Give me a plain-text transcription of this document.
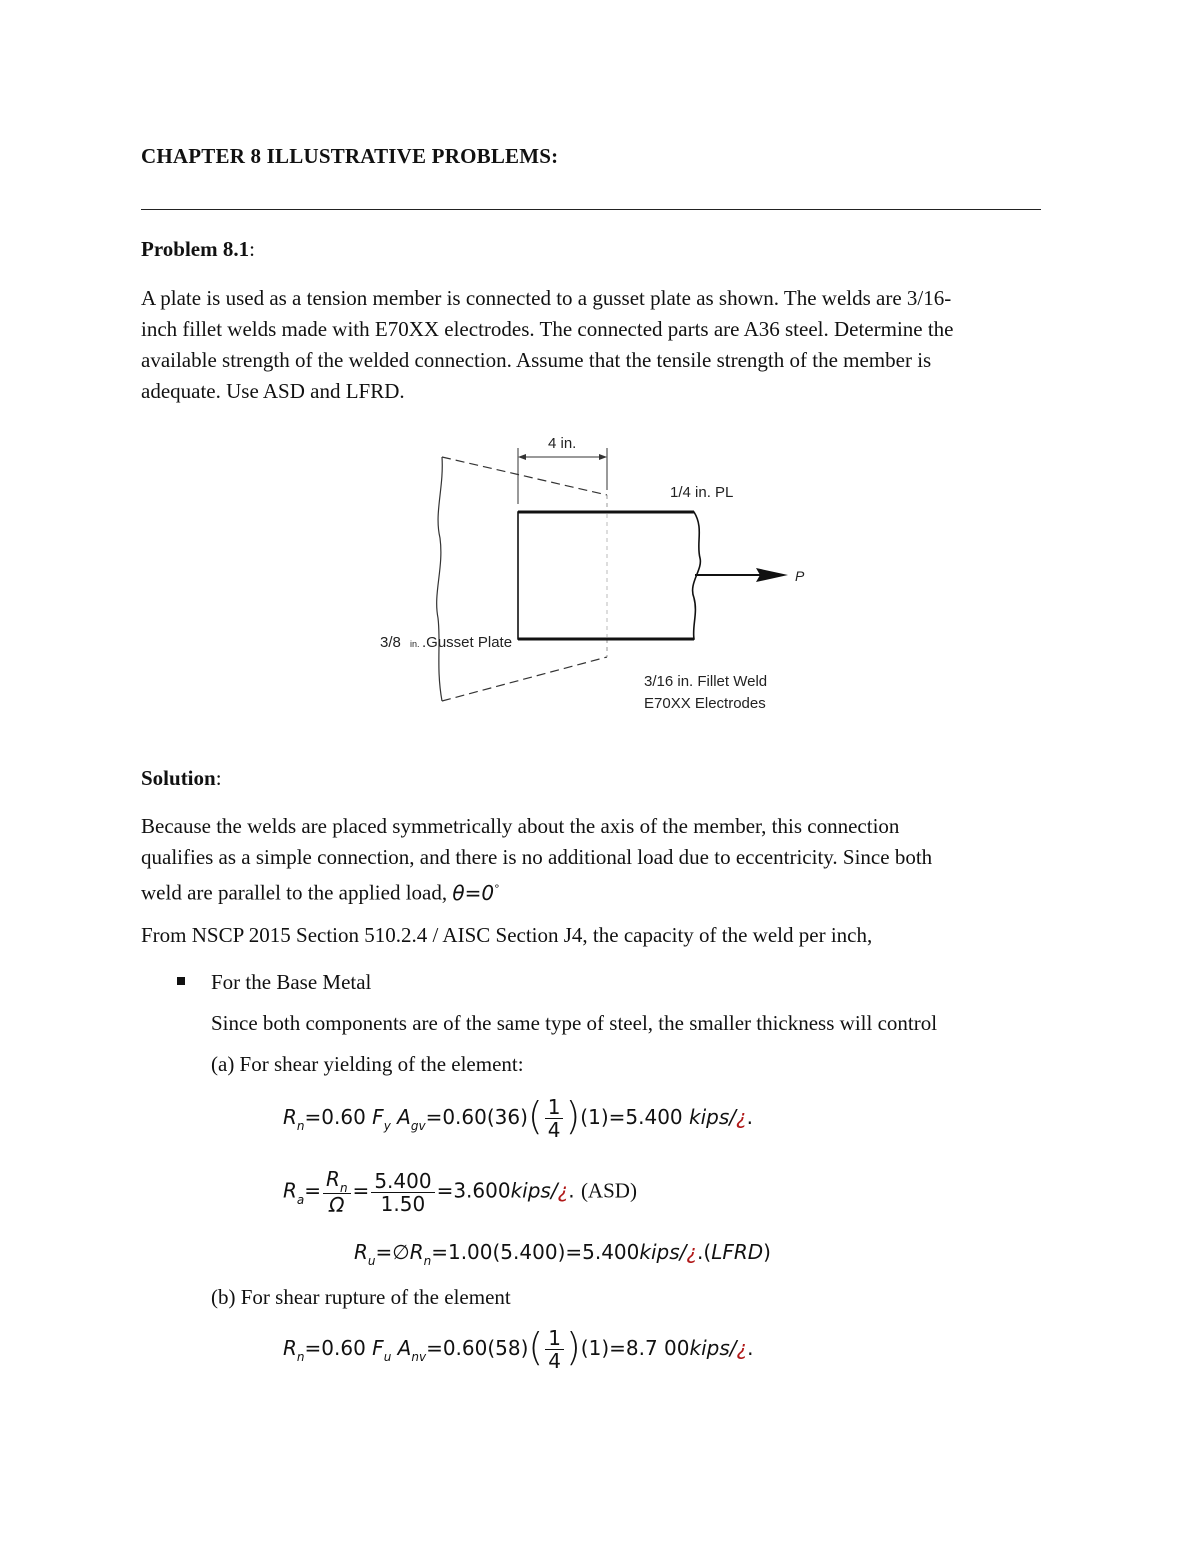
CHAPTER 8 ILLUSTRATIVE PROBLEMS:
Problem 8.1:
A plate is used as a tension member is connected to a gusset plate as shown. The welds are 3/16-
inch fillet welds made with E70XX electrodes. The connected parts are A36 steel. Determine the
available strength of the welded connection. Assume that the tensile strength of the member is
adequate. Use ASD and LFRD.
4 in.
1/4 in. PL
P
3/8 in. .Gusset Plate
3/16 in. Fillet Weld
E70XX Electrodes
Solution:
Because the welds are placed symmetrically about the axis of the member, this connection
qualifies as a simple connection, and there is no additional load due to eccentricity. Since both
weld are parallel to the applied load, θ=0°
From NSCP 2015 Section 510.2.4 / AISC Section J4, the capacity of the weld per inch,
For the Base Metal
Since both components are of the same type of steel, the smaller thickness will control
(a) For shear yielding of the element:
$R_n=0.60$ $F_y$ $A_{gv}=0.60(36)( \frac{1}{4} )(1)=5.400$ kips/¿.
$R_a= \frac{R_n}{\Omega} = \frac{5.400}{1.50}$ =3.600kips/¿. (ASD)
$R_u=\emptyset R_n=1.00(5.400)=5.400kips/¿.(LFRD)$
(b) For shear rupture of the element
$R_n=0.60$ $F_u$ $A_{nv}=0.60(58)( \frac{1}{4} )(1)=8.7$ 00kips/¿.
